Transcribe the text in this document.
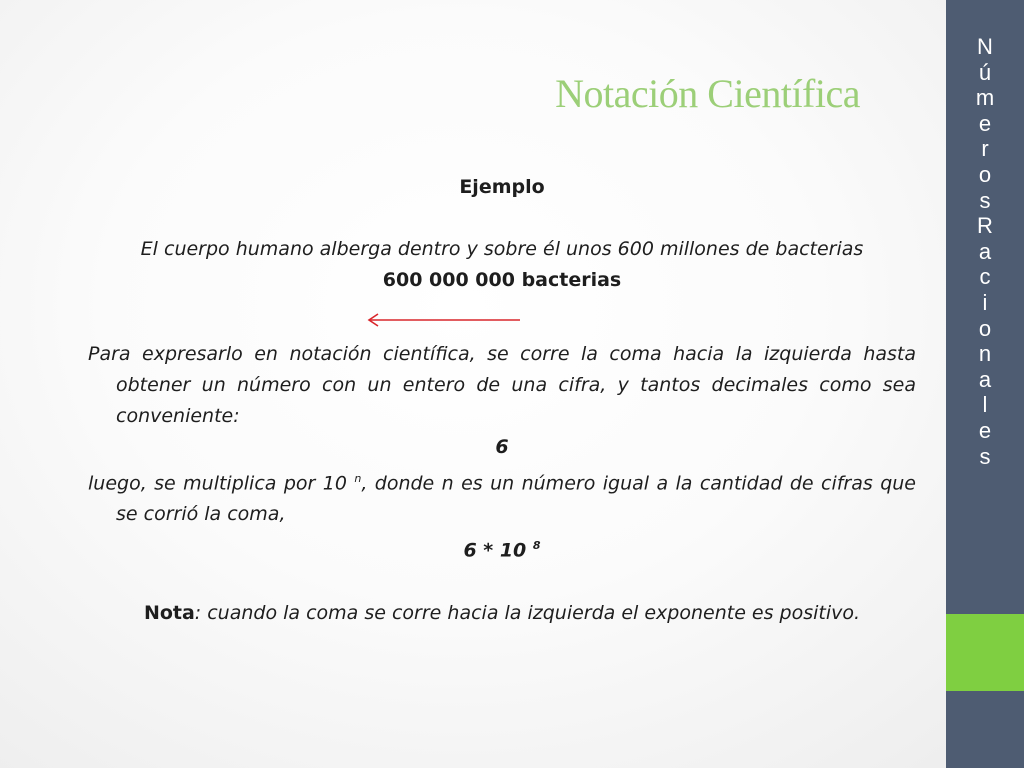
Notación Científica
Ejemplo
El cuerpo humano alberga dentro y sobre él unos 600 millones de bacterias
600 000 000 bacterias
Para expresarlo en notación científica, se corre la coma hacia la izquierda hasta obtener un número con un entero de una cifra, y tantos decimales como sea conveniente:
6
luego, se multiplica por 10 $^n$, donde n es un número igual a la cantidad de cifras que se corrió la coma,
6 * 10 $^8$
Nota: cuando la coma se corre hacia la izquierda el exponente es positivo.
N
ú
m
e
r
o
s
R
a
c
i
o
n
a
l
e
s
